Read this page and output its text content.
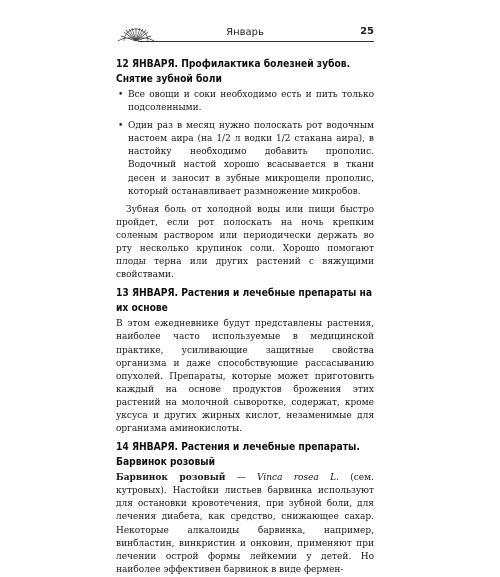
Январь	25
12 ЯНВАРЯ. Профилактика болезней зубов. Снятие зубной боли

• Все овощи и соки необходимо есть и пить только подсоленными.

• Один раз в месяц нужно полоскать рот водочным настоем аира (на 1/2 л водки 1/2 стакана аира), в настойку необходимо добавить прополис. Водочный настой хорошо всасывается в ткани десен и заносит в зубные микрощели прополис, который останавливает размножение микробов.

Зубная боль от холодной воды или пищи быстро пройдет, если рот полоскать на ночь крепким соленым раствором или периодически держать во рту несколько крупинок соли. Хорошо помогают плоды терна или других растений с вяжущими свойствами.

13 ЯНВАРЯ. Растения и лечебные препараты на их основе

В этом ежедневнике будут представлены растения, наиболее часто используемые в медицинской практике, усиливающие защитные свойства организма и даже способствующие рассасыванию опухолей. Препараты, которые может приготовить каждый на основе продуктов брожения этих растений на молочной сыворотке, содержат, кроме уксуса и других жирных кислот, незаменимые для организма аминокислоты.

14 ЯНВАРЯ. Растения и лечебные препараты. Барвинок розовый

Барвинок розовый — Vinca rosea L. (сем. кутровых). Настойки листьев барвинка используют для остановки кровотечения, при зубной боли, для лечения диабета, как средство, снижающее сахар. Некоторые алкалоиды барвинка, например, винбластин, винкристин и онковин, применяют при лечении острой формы лейкемии у детей. Но наиболее эффективен барвинок в виде фермен-
